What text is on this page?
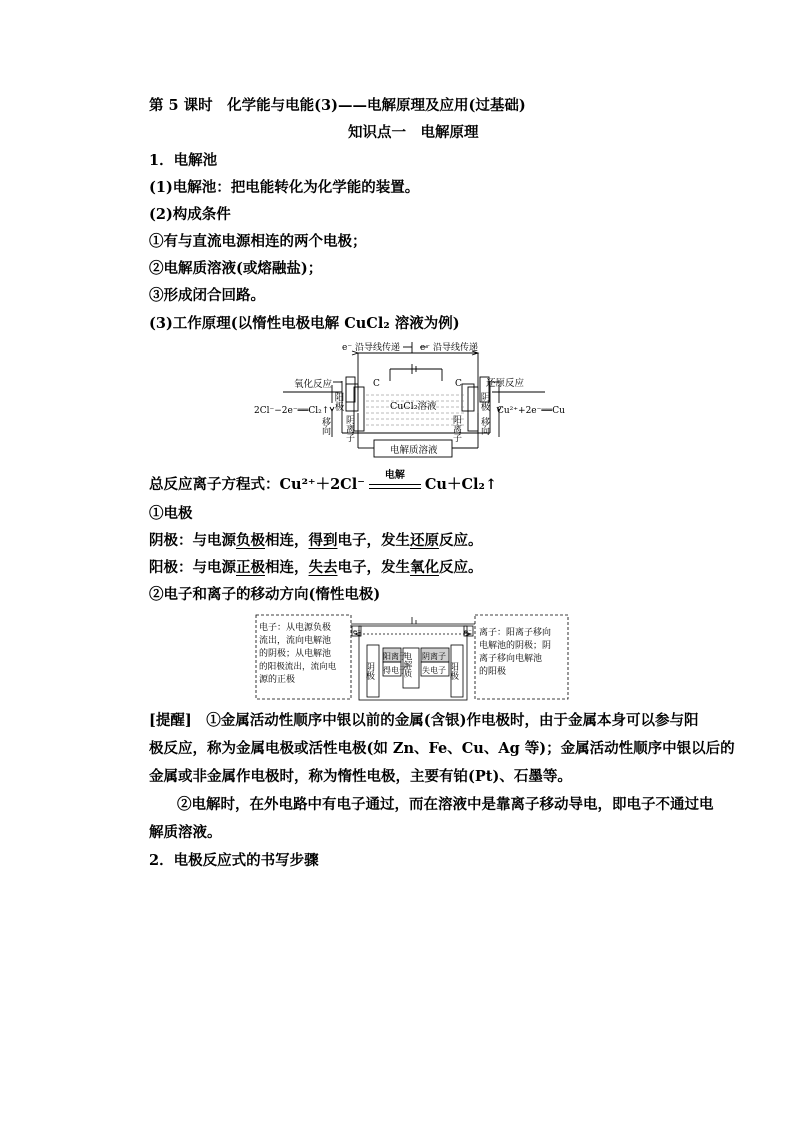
第 5 课时　化学能与电能(3)——电解原理及应用(过基础)
知识点一　电解原理
1．电解池
(1)电解池：把电能转化为化学能的装置。
(2)构成条件
①有与直流电源相连的两个电极；
②电解质溶液(或熔融盐)；
③形成闭合回路。
(3)工作原理(以惰性电极电解 CuCl₂ 溶液为例)
e⁻ 沿导线传递 e⁻ 沿导线传递
氧化反应	还原反应
C	C
CuCl₂溶液
2Cl⁻−2e⁻══Cl₂↑	Cu²⁺+2e⁻══Cu
电解质溶液
阳极	阴极
移向 阴离子	阳离子 移向
总反应离子方程式：Cu²⁺＋2Cl⁻
电解
Cu＋Cl₂↑
①电极
阴极：与电源负极相连，得到电子，发生还原反应。
阳极：与电源正极相连，失去电子，发生氧化反应。
②电子和离子的移动方向(惰性电极)
电子：从电源负极
流出，流向电解池
的阴极；从电解池
的阳极流出，流向电
源的正极
离子：阳离子移向
电解池的阴极；阴
离子移向电解池
的阳极
e⁻	e⁻
阴极	阳极
阳离子
得电子
阴离子
失电子
电解质
[提醒]　①金属活动性顺序中银以前的金属(含银)作电极时，由于金属本身可以参与阳
极反应，称为金属电极或活性电极(如 Zn、Fe、Cu、Ag 等)；金属活动性顺序中银以后的
金属或非金属作电极时，称为惰性电极，主要有铂(Pt)、石墨等。
②电解时，在外电路中有电子通过，而在溶液中是靠离子移动导电，即电子不通过电
解质溶液。
2．电极反应式的书写步骤
